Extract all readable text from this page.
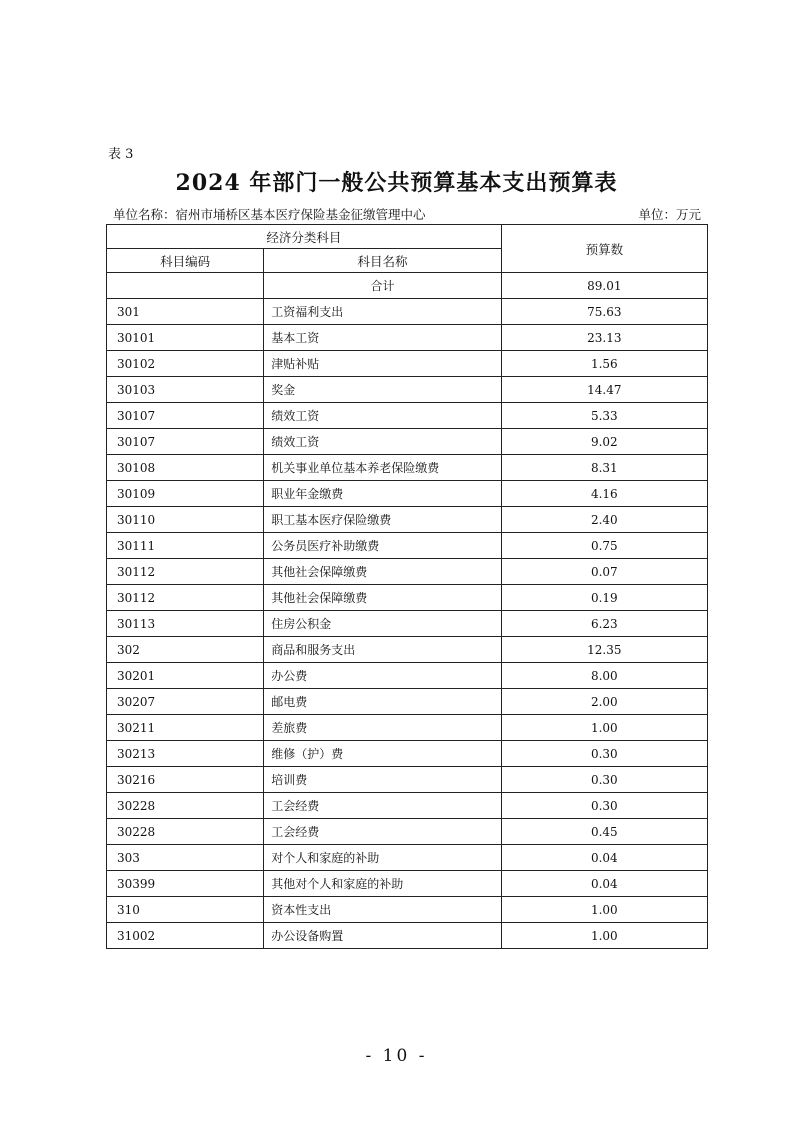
表 3
2024 年部门一般公共预算基本支出预算表
单位名称：宿州市埇桥区基本医疗保险基金征缴管理中心	单位：万元
经济分类科目		预算数
科目编码	科目名称	
	合计	89.01
301	工资福利支出	75.63
30101	基本工资	23.13
30102	津贴补贴	1.56
30103	奖金	14.47
30107	绩效工资	5.33
30107	绩效工资	9.02
30108	机关事业单位基本养老保险缴费	8.31
30109	职业年金缴费	4.16
30110	职工基本医疗保险缴费	2.40
30111	公务员医疗补助缴费	0.75
30112	其他社会保障缴费	0.07
30112	其他社会保障缴费	0.19
30113	住房公积金	6.23
302	商品和服务支出	12.35
30201	办公费	8.00
30207	邮电费	2.00
30211	差旅费	1.00
30213	维修（护）费	0.30
30216	培训费	0.30
30228	工会经费	0.30
30228	工会经费	0.45
303	对个人和家庭的补助	0.04
30399	其他对个人和家庭的补助	0.04
310	资本性支出	1.00
31002	办公设备购置	1.00
- 10 -
